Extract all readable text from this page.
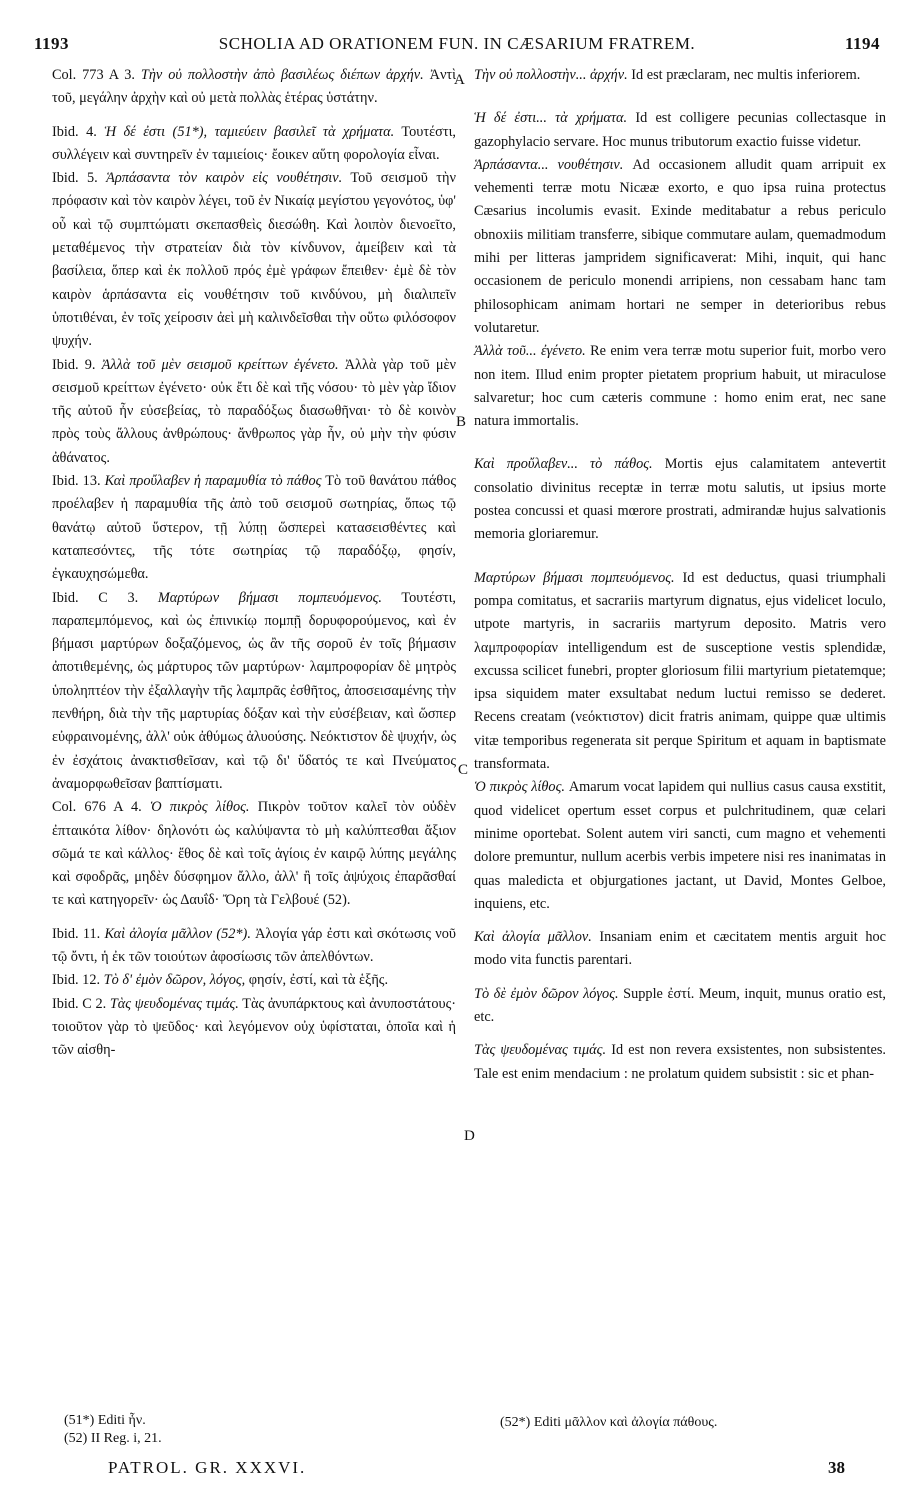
1193	SCHOLIA AD ORATIONEM FUN. IN CÆSARIUM FRATREM.	1194

Col. 773 A 3. Τὴν οὐ πολλοστὴν ἀπὸ βασιλέως διέπων ἀρχήν. Ἀντὶ τοῦ, μεγάλην ἀρχὴν καὶ οὐ μετὰ πολλὰς ἑτέρας ὑστάτην.

Ibid. 4. Ἡ δέ ἐστι (51*), ταμιεύειν βασιλεῖ τὰ χρήματα. Τουτέστι, συλλέγειν καὶ συντηρεῖν ἐν ταμιείοις· ἔοικεν αὕτη φορολογία εἶναι.

Ibid. 5. Ἁρπάσαντα τὸν καιρὸν εἰς νουθέτησιν. Τοῦ σεισμοῦ τὴν πρόφασιν καὶ τὸν καιρὸν λέγει, τοῦ ἐν Νικαίᾳ μεγίστου γεγονότος, ὑφ' οὗ καὶ τῷ συμπτώματι σκεπασθεὶς διεσώθη. Καὶ λοιπὸν διενοεῖτο, μεταθέμενος τὴν στρατείαν διὰ τὸν κίνδυνον, ἀμείβειν καὶ τὰ βασίλεια, ὅπερ καὶ ἐκ πολλοῦ πρός ἐμὲ γράφων ἔπειθεν· ἐμὲ δὲ τὸν καιρὸν ἁρπάσαντα εἰς νουθέτησιν τοῦ κινδύνου, μὴ διαλιπεῖν ὑποτιθέναι, ἐν τοῖς χείροσιν ἀεὶ μὴ καλινδεῖσθαι τὴν οὕτω φιλόσοφον ψυχήν.

Ibid. 9. Ἀλλὰ τοῦ μὲν σεισμοῦ κρείττων ἐγένετο. Ἀλλὰ γὰρ τοῦ μὲν σεισμοῦ κρείττων ἐγένετο· οὐκ ἔτι δὲ καὶ τῆς νόσου· τὸ μὲν γὰρ ἴδιον τῆς αὐτοῦ ἦν εὐσεβείας, τὸ παραδόξως διασωθῆναι· τὸ δὲ κοινὸν πρὸς τοὺς ἄλλους ἀνθρώπους· ἄνθρωπος γὰρ ἦν, οὐ μὴν τὴν φύσιν ἀθάνατος.

Ibid. 13. Καὶ προὔλαβεν ἡ παραμυθία τὸ πάθος Τὸ τοῦ θανάτου πάθος προέλαβεν ἡ παραμυθία τῆς ἀπὸ τοῦ σεισμοῦ σωτηρίας, ὅπως τῷ θανάτῳ αὐτοῦ ὕστερον, τῇ λύπῃ ὥσπερεὶ κατασεισθέντες καὶ καταπεσόντες, τῆς τότε σωτηρίας τῷ παραδόξῳ, φησίν, ἐγκαυχησώμεθα.

Ibid. C 3. Μαρτύρων βήμασι πομπευόμενος. Τουτέστι, παραπεμπόμενος, καὶ ὡς ἐπινικίῳ πομπῇ δορυφορούμενος, καὶ ἐν βήμασι μαρτύρων δοξαζόμενος, ὡς ἂν τῆς σοροῦ ἐν τοῖς βήμασιν ἀποτιθεμένης, ὡς μάρτυρος τῶν μαρτύρων· λαμπροφορίαν δὲ μητρὸς ὑποληπτέον τὴν ἐξαλλαγὴν τῆς λαμπρᾶς ἐσθῆτος, ἀποσεισαμένης τὴν πενθήρη, διὰ τὴν τῆς μαρτυρίας δόξαν καὶ τὴν εὐσέβειαν, καὶ ὥσπερ εὐφραινομένης, ἀλλ' οὐκ ἀθύμως ἀλυούσης. Νεόκτιστον δὲ ψυχήν, ὡς ἐν ἐσχάτοις ἀνακτισθεῖσαν, καὶ τῷ δι' ὕδατός τε καὶ Πνεύματος ἀναμορφωθεῖσαν βαπτίσματι.

Col. 676 A 4. Ὁ πικρὸς λίθος. Πικρὸν τοῦτον καλεῖ τὸν οὐδὲν ἐπταικότα λίθον· δηλονότι ὡς καλύψαντα τὸ μὴ καλύπτεσθαι ἄξιον σῶμά τε καὶ κάλλος· ἔθος δὲ καὶ τοῖς ἁγίοις ἐν καιρῷ λύπης μεγάλης καὶ σφοδρᾶς, μηδὲν δύσφημον ἄλλο, ἀλλ' ἢ τοῖς ἀψύχοις ἐπαρᾶσθαί τε καὶ κατηγορεῖν· ὡς Δαυΐδ· Ὄρη τὰ Γελβουέ (52).

Ibid. 11. Καὶ ἀλογία μᾶλλον (52*). Ἀλογία γάρ ἐστι καὶ σκότωσις νοῦ τῷ ὄντι, ἡ ἐκ τῶν τοιούτων ἀφοσίωσις τῶν ἀπελθόντων.

Ibid. 12. Τὸ δ' ἐμὸν δῶρον, λόγος, φησίν, ἐστί, καὶ τὰ ἑξῆς.

Ibid. C 2. Τὰς ψευδομένας τιμάς. Τὰς ἀνυπάρκτους καὶ ἀνυποστάτους· τοιοῦτον γὰρ τὸ ψεῦδος· καὶ λεγόμενον οὐχ ὑφίσταται, ὁποῖα καὶ ἡ τῶν αἰσθη-

Τὴν οὐ πολλοστὴν... ἀρχήν. Id est præclaram, nec multis inferiorem.

Ἡ δέ ἐστι... τὰ χρήματα. Id est colligere pecunias collectasque in gazophylacio servare. Hoc munus tributorum exactio fuisse videtur.

Ἁρπάσαντα... νουθέτησιν. Ad occasionem alludit quam arripuit ex vehementi terræ motu Nicææ exorto, e quo ipsa ruina protectus Cæsarius incolumis evasit. Exinde meditabatur a rebus periculo obnoxiis militiam transferre, sibique commutare aulam, quemadmodum mihi per litteras jampridem significaverat: Mihi, inquit, qui hanc occasionem de periculo monendi arripiens, non cessabam hanc tam philosophicam animam hortari ne semper in deterioribus rebus volutaretur.

Ἀλλὰ τοῦ... ἐγένετο. Re enim vera terræ motu superior fuit, morbo vero non item. Illud enim propter pietatem proprium habuit, ut miraculose salvaretur; hoc cum cæteris commune : homo enim erat, nec sane natura immortalis.

Καὶ προὔλαβεν... τὸ πάθος. Mortis ejus calamitatem antevertit consolatio divinitus receptæ in terræ motu salutis, ut ipsius morte postea concussi et quasi mœrore prostrati, admirandæ hujus salvationis memoria gloriaremur.

Μαρτύρων βήμασι πομπευόμενος. Id est deductus, quasi triumphali pompa comitatus, et sacrariis martyrum dignatus, ejus videlicet loculo, utpote martyris, in sacrariis martyrum deposito. Matris vero λαμπροφορίαν intelligendum est de susceptione vestis splendidæ, excussa scilicet funebri, propter gloriosum filii martyrium pietatemque; ipsa siquidem mater exsultabat nedum luctui remisso se dederet. Recens creatam (νεόκτιστον) dicit fratris animam, quippe quæ ultimis vitæ temporibus regenerata sit perque Spiritum et aquam in baptismate transformata.

Ὁ πικρὸς λίθος. Amarum vocat lapidem qui nullius casus causa exstitit, quod videlicet opertum esset corpus et pulchritudinem, quæ celari minime oportebat. Solent autem viri sancti, cum magno et vehementi dolore premuntur, nullum acerbis verbis impetere nisi res inanimatas in quas maledicta et objurgationes jactant, ut David, Montes Gelboe, inquiens, etc.

Καὶ ἀλογία μᾶλλον. Insaniam enim et cæcitatem mentis arguit hoc modo vita functis parentari.

Τὸ δὲ ἐμὸν δῶρον λόγος. Supple ἐστί. Meum, inquit, munus oratio est, etc.

Τὰς ψευδομένας τιμάς. Id est non revera exsistentes, non subsistentes. Tale est enim mendacium : ne prolatum quidem subsistit : sic et phan-

A
B
C
D
(51*) Editi ἦν.
(52) II Reg. i, 21.
(52*) Editi μᾶλλον καὶ ἀλογία πάθους.
PATROL. GR. XXXVI.	38
